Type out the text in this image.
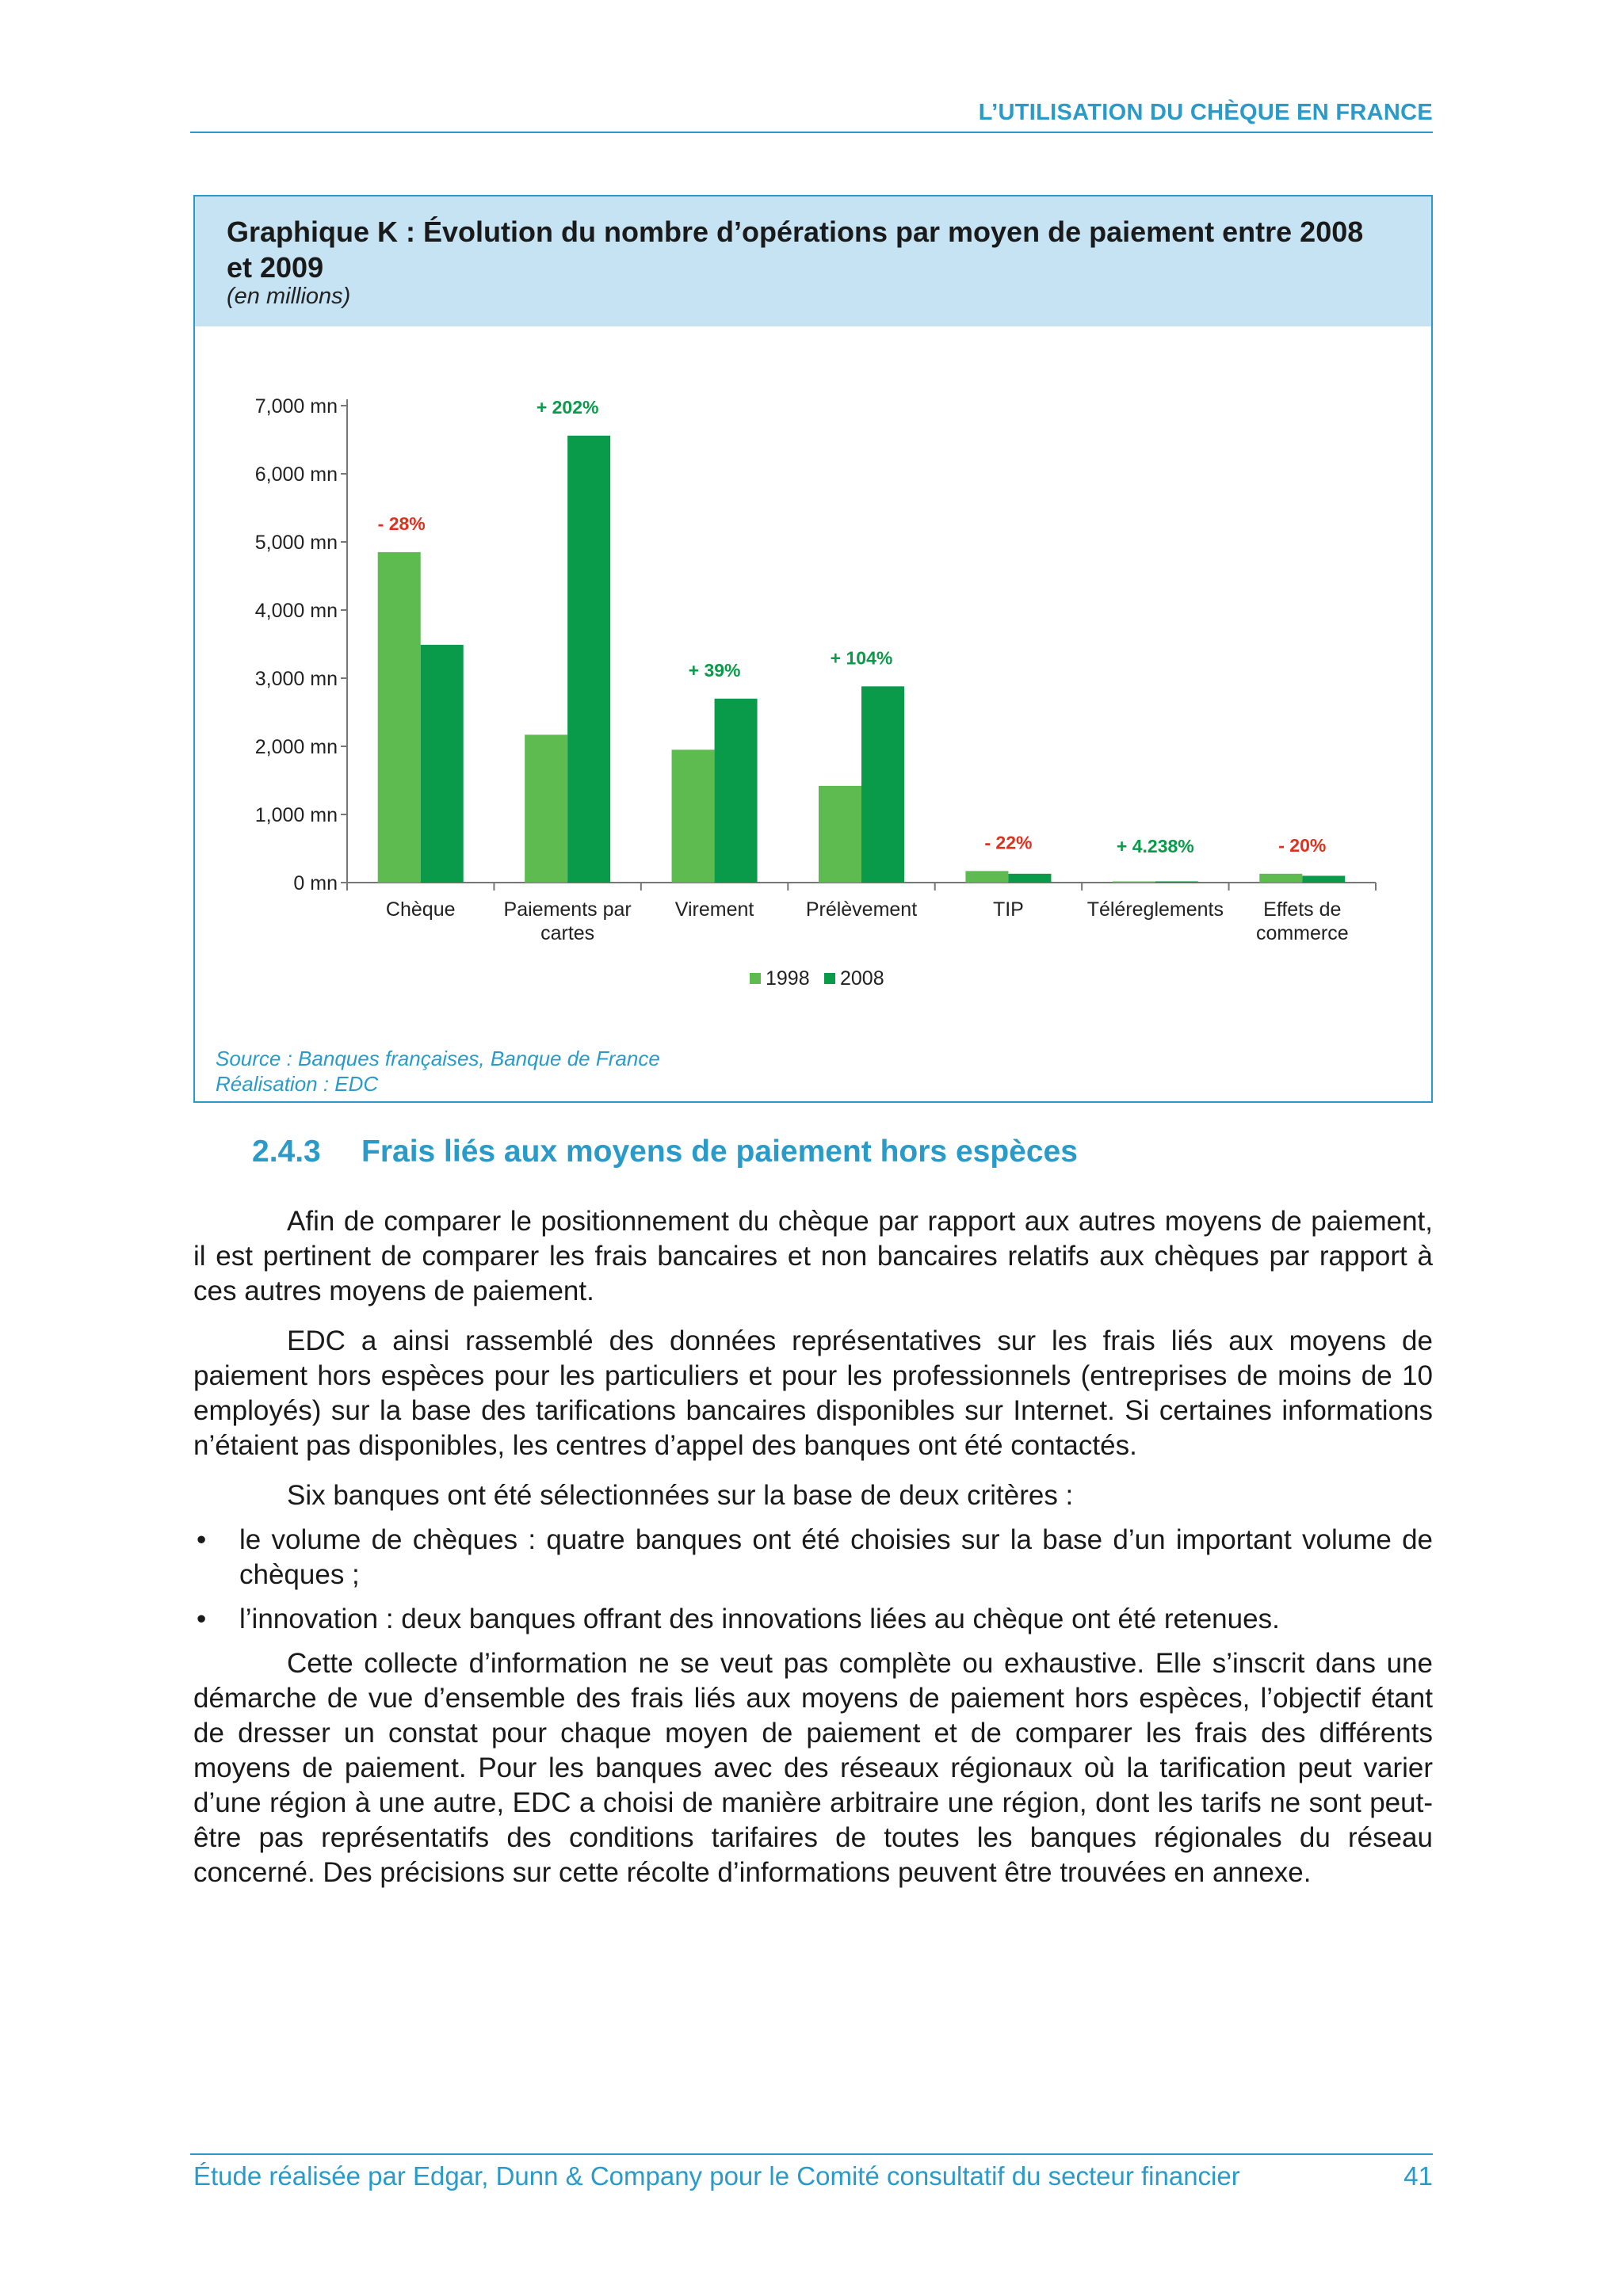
L’UTILISATION DU CHÈQUE EN FRANCE
Graphique K : Évolution du nombre d’opérations par moyen de paiement entre 2008 et 2009
(en millions)
0 mn
1,000 mn
2,000 mn
3,000 mn
4,000 mn
5,000 mn
6,000 mn
7,000 mn
Chèque
- 28%
Paiements par cartes
+ 202%
Virement
+ 39%
Prélèvement
+ 104%
TIP
- 22%
Téléreglements
+ 4.238%
Effets de commerce
- 20%
1998 2008
Source : Banques françaises, Banque de France
Réalisation : EDC
2.4.3 Frais liés aux moyens de paiement hors espèces

Afin de comparer le positionnement du chèque par rapport aux autres moyens de paiement, il est pertinent de comparer les frais bancaires et non bancaires relatifs aux chèques par rapport à ces autres moyens de paiement.

EDC a ainsi rassemblé des données représentatives sur les frais liés aux moyens de paiement hors espèces pour les particuliers et pour les professionnels (entreprises de moins de 10 employés) sur la base des tarifications bancaires disponibles sur Internet. Si certaines informations n’étaient pas disponibles, les centres d’appel des banques ont été contactés.

Six banques ont été sélectionnées sur la base de deux critères :

• le volume de chèques : quatre banques ont été choisies sur la base d’un important volume de chèques ;
• l’innovation : deux banques offrant des innovations liées au chèque ont été retenues.

Cette collecte d’information ne se veut pas complète ou exhaustive. Elle s’inscrit dans une démarche de vue d’ensemble des frais liés aux moyens de paiement hors espèces, l’objectif étant de dresser un constat pour chaque moyen de paiement et de comparer les frais des différents moyens de paiement. Pour les banques avec des réseaux régionaux où la tarification peut varier d’une région à une autre, EDC a choisi de manière arbitraire une région, dont les tarifs ne sont peut-être pas représentatifs des conditions tarifaires de toutes les banques régionales du réseau concerné. Des précisions sur cette récolte d’informations peuvent être trouvées en annexe.

Étude réalisée par Edgar, Dunn & Company pour le Comité consultatif du secteur financier	41
